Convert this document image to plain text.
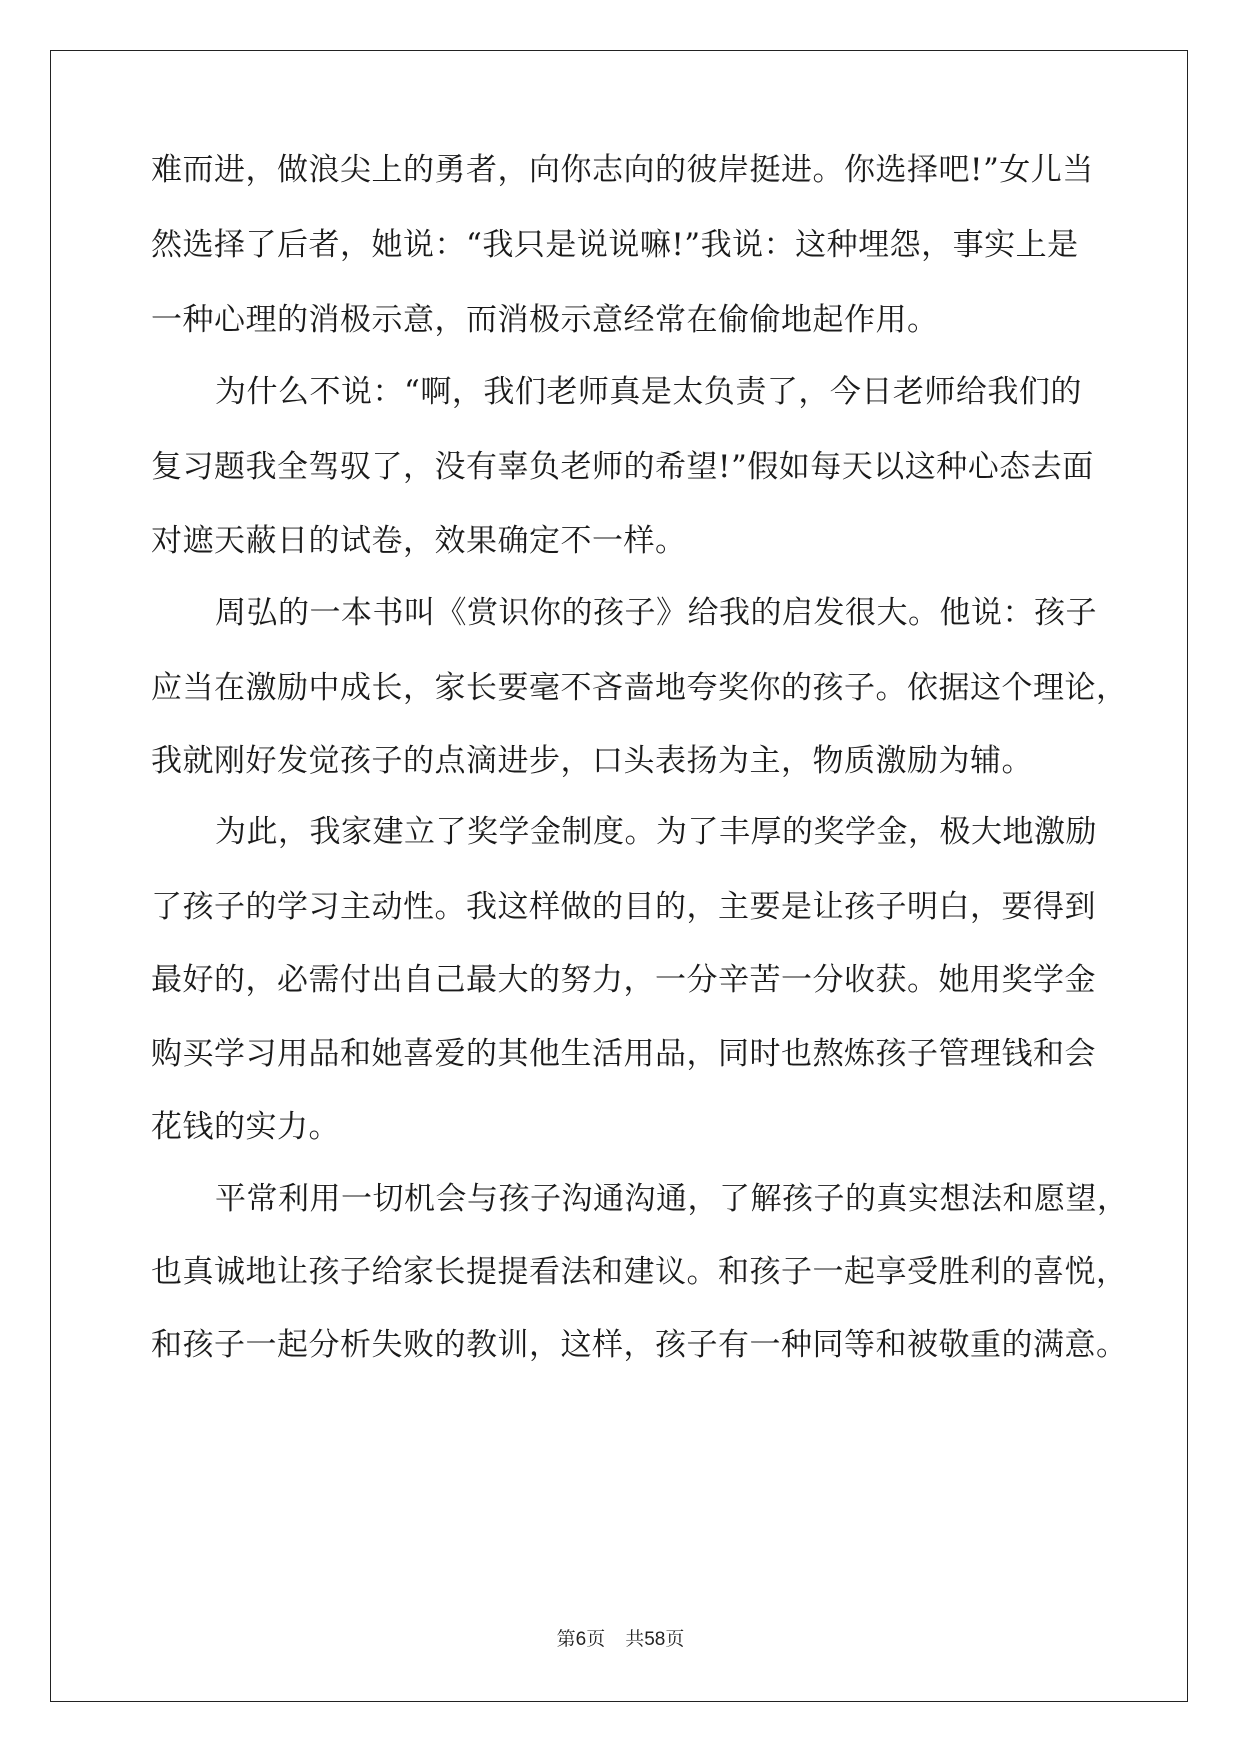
难而进，做浪尖上的勇者，向你志向的彼岸挺进。你选择吧!”女儿当
然选择了后者，她说：“我只是说说嘛!”我说：这种埋怨，事实上是
一种心理的消极示意，而消极示意经常在偷偷地起作用。
为什么不说：“啊，我们老师真是太负责了，今日老师给我们的
复习题我全驾驭了，没有辜负老师的希望!”假如每天以这种心态去面
对遮天蔽日的试卷，效果确定不一样。
周弘的一本书叫《赏识你的孩子》给我的启发很大。他说：孩子
应当在激励中成长，家长要毫不吝啬地夸奖你的孩子。依据这个理论，
我就刚好发觉孩子的点滴进步，口头表扬为主，物质激励为辅。
为此，我家建立了奖学金制度。为了丰厚的奖学金，极大地激励
了孩子的学习主动性。我这样做的目的，主要是让孩子明白，要得到
最好的，必需付出自己最大的努力，一分辛苦一分收获。她用奖学金
购买学习用品和她喜爱的其他生活用品，同时也熬炼孩子管理钱和会
花钱的实力。
平常利用一切机会与孩子沟通沟通，了解孩子的真实想法和愿望，
也真诚地让孩子给家长提提看法和建议。和孩子一起享受胜利的喜悦，
和孩子一起分析失败的教训，这样，孩子有一种同等和被敬重的满意。
第6页 共58页
